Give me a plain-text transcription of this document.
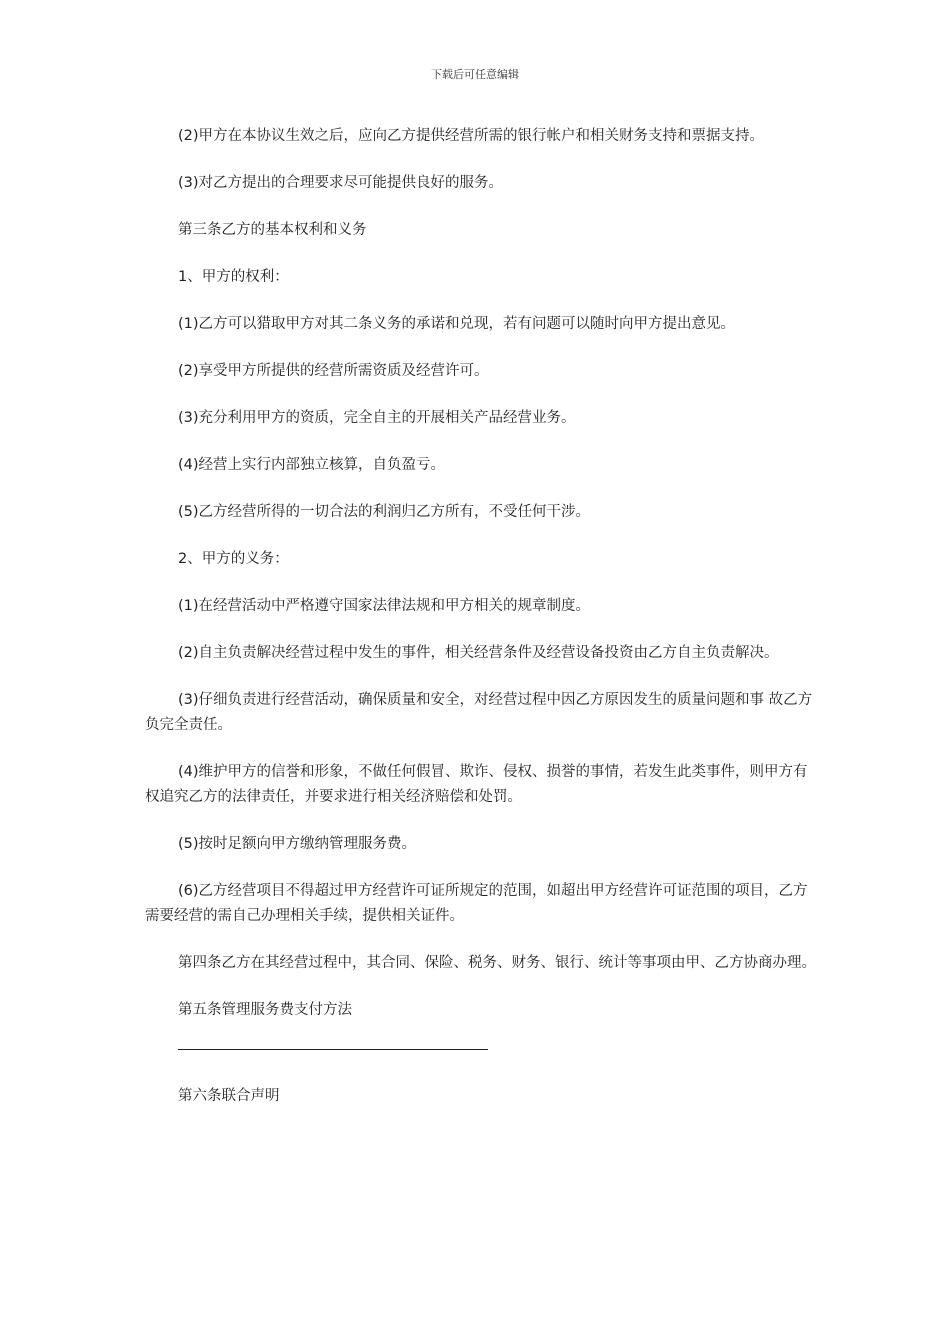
下载后可任意编辑

(2)甲方在本协议生效之后，应向乙方提供经营所需的银行帐户和相关财务支持和票据支持。

(3)对乙方提出的合理要求尽可能提供良好的服务。

第三条乙方的基本权利和义务

1、甲方的权利：

(1)乙方可以猎取甲方对其二条义务的承诺和兑现，若有问题可以随时向甲方提出意见。

(2)享受甲方所提供的经营所需资质及经营许可。

(3)充分利用甲方的资质，完全自主的开展相关产品经营业务。

(4)经营上实行内部独立核算，自负盈亏。

(5)乙方经营所得的一切合法的利润归乙方所有，不受任何干涉。

2、甲方的义务：

(1)在经营活动中严格遵守国家法律法规和甲方相关的规章制度。

(2)自主负责解决经营过程中发生的事件，相关经营条件及经营设备投资由乙方自主负责解决。

(3)仔细负责进行经营活动，确保质量和安全，对经营过程中因乙方原因发生的质量问题和事 故乙方负完全责任。

(4)维护甲方的信誉和形象，不做任何假冒、欺诈、侵权、损誉的事情，若发生此类事件，则甲方有权追究乙方的法律责任，并要求进行相关经济赔偿和处罚。

(5)按时足额向甲方缴纳管理服务费。

(6)乙方经营项目不得超过甲方经营许可证所规定的范围，如超出甲方经营许可证范围的项目，乙方需要经营的需自己办理相关手续，提供相关证件。

第四条乙方在其经营过程中，其合同、保险、税务、财务、银行、统计等事项由甲、乙方协商办理。

第五条管理服务费支付方法

第六条联合声明
